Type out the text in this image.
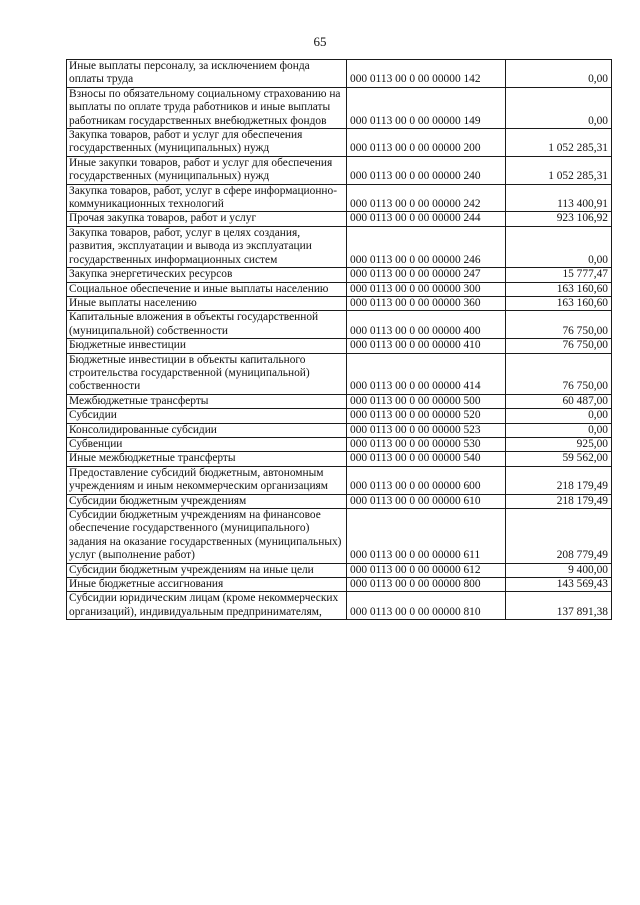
65
Иные выплаты персоналу, за исключением фонда оплаты труда	000 0113 00 0 00 00000 142	0,00
Взносы по обязательному социальному страхованию на выплаты по оплате труда работников и иные выплаты работникам государственных внебюджетных фондов	000 0113 00 0 00 00000 149	0,00
Закупка товаров, работ и услуг для обеспечения государственных (муниципальных) нужд	000 0113 00 0 00 00000 200	1 052 285,31
Иные закупки товаров, работ и услуг для обеспечения государственных (муниципальных) нужд	000 0113 00 0 00 00000 240	1 052 285,31
Закупка товаров, работ, услуг в сфере информационно-коммуникационных технологий	000 0113 00 0 00 00000 242	113 400,91
Прочая закупка товаров, работ и услуг	000 0113 00 0 00 00000 244	923 106,92
Закупка товаров, работ, услуг в целях создания, развития, эксплуатации и вывода из эксплуатации государственных информационных систем	000 0113 00 0 00 00000 246	0,00
Закупка энергетических ресурсов	000 0113 00 0 00 00000 247	15 777,47
Социальное обеспечение и иные выплаты населению	000 0113 00 0 00 00000 300	163 160,60
Иные выплаты населению	000 0113 00 0 00 00000 360	163 160,60
Капитальные вложения в объекты государственной (муниципальной) собственности	000 0113 00 0 00 00000 400	76 750,00
Бюджетные инвестиции	000 0113 00 0 00 00000 410	76 750,00
Бюджетные инвестиции в объекты капитального строительства государственной (муниципальной) собственности	000 0113 00 0 00 00000 414	76 750,00
Межбюджетные трансферты	000 0113 00 0 00 00000 500	60 487,00
Субсидии	000 0113 00 0 00 00000 520	0,00
Консолидированные субсидии	000 0113 00 0 00 00000 523	0,00
Субвенции	000 0113 00 0 00 00000 530	925,00
Иные межбюджетные трансферты	000 0113 00 0 00 00000 540	59 562,00
Предоставление субсидий бюджетным, автономным учреждениям и иным некоммерческим организациям	000 0113 00 0 00 00000 600	218 179,49
Субсидии бюджетным учреждениям	000 0113 00 0 00 00000 610	218 179,49
Субсидии бюджетным учреждениям на финансовое обеспечение государственного (муниципального) задания на оказание государственных (муниципальных) услуг (выполнение работ)	000 0113 00 0 00 00000 611	208 779,49
Субсидии бюджетным учреждениям на иные цели	000 0113 00 0 00 00000 612	9 400,00
Иные бюджетные ассигнования	000 0113 00 0 00 00000 800	143 569,43
Субсидии юридическим лицам (кроме некоммерческих организаций), индивидуальным предпринимателям,	000 0113 00 0 00 00000 810	137 891,38
